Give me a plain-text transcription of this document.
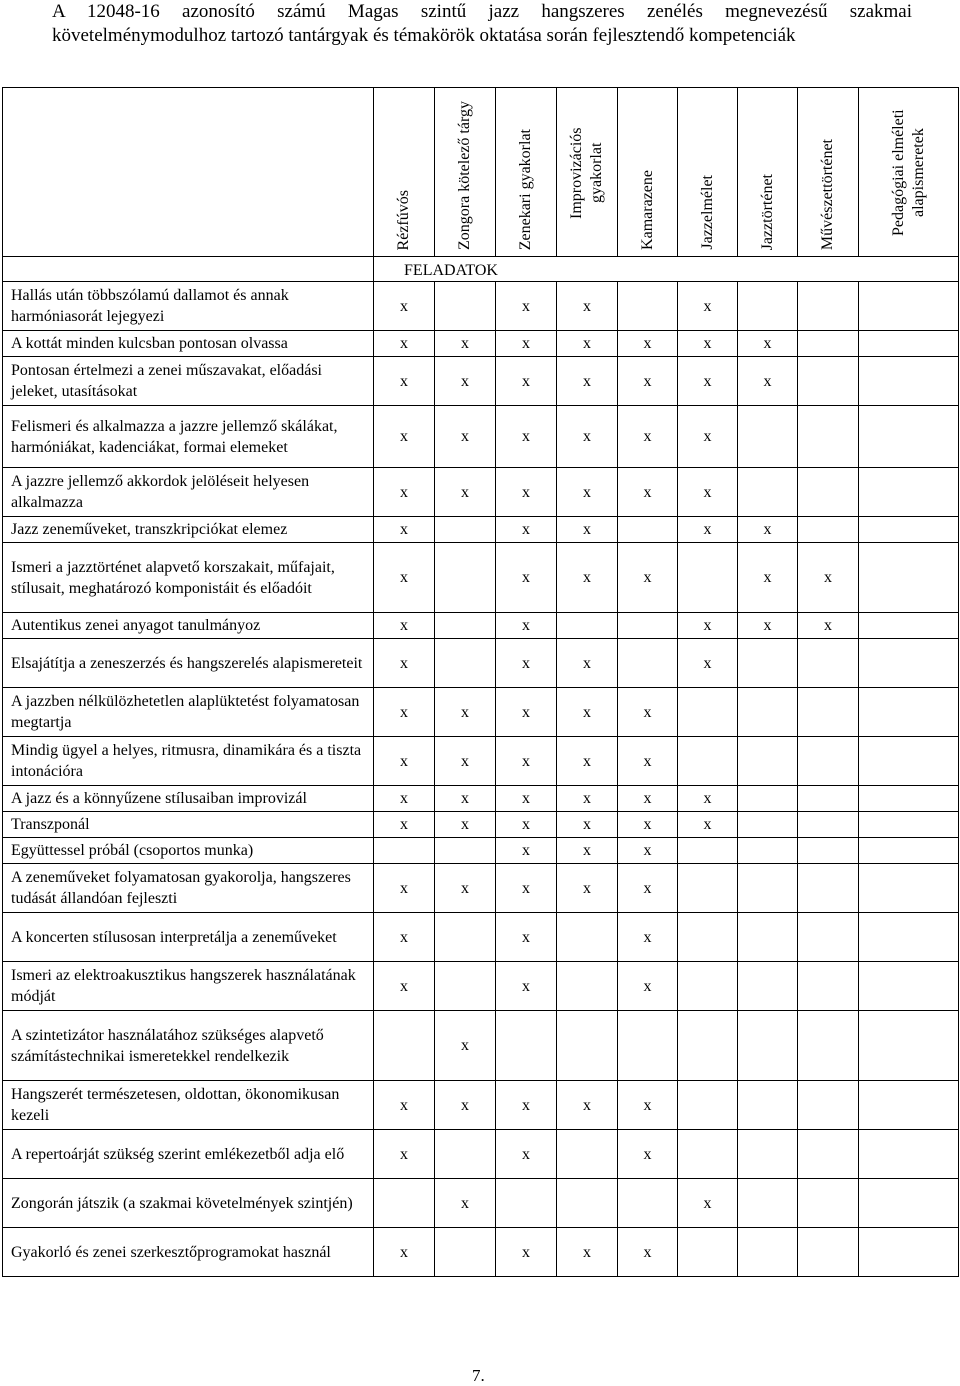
A 12048-16 azonosító számú Magas szintű jazz hangszeres zenélés megnevezésű szakmai követelménymodulhoz tartozó tantárgyak és témakörök oktatása során fejlesztendő kompetenciák
	Rézfúvós	Zongora kötelező tárgy	Zenekari gyakorlat	Improvizációs gyakorlat	Kamarazene	Jazzelmélet	Jazztörténet	Művészettörténet	Pedagógiai elméleti alapismeretek
	FELADATOK								
Hallás után többszólamú dallamot és annak harmóniasorát lejegyezi	x		x	x		x			
A kottát minden kulcsban pontosan olvassa	x	x	x	x	x	x	x		
Pontosan értelmezi a zenei műszavakat, előadási jeleket, utasításokat	x	x	x	x	x	x	x		
Felismeri és alkalmazza a jazzre jellemző skálákat, harmóniákat, kadenciákat, formai elemeket	x	x	x	x	x	x			
A jazzre jellemző akkordok jelöléseit helyesen alkalmazza	x	x	x	x	x	x			
Jazz zeneműveket, transzkripciókat elemez	x		x	x		x	x		
Ismeri a jazztörténet alapvető korszakait, műfajait, stílusait, meghatározó komponistáit és előadóit	x		x	x	x		x	x	
Autentikus zenei anyagot tanulmányoz	x		x			x	x	x	
Elsajátítja a zeneszerzés és hangszerelés alapismereteit	x		x	x		x			
A jazzben nélkülözhetetlen alaplüktetést folyamatosan megtartja	x	x	x	x	x				
Mindig ügyel a helyes, ritmusra, dinamikára és a tiszta intonációra	x	x	x	x	x				
A jazz és a könnyűzene stílusaiban improvizál	x	x	x	x	x	x			
Transzponál	x	x	x	x	x	x			
Együttessel próbál (csoportos munka)			x	x	x				
A zeneműveket folyamatosan gyakorolja, hangszeres tudását állandóan fejleszti	x	x	x	x	x				
A koncerten stílusosan interpretálja a zeneműveket	x		x		x				
Ismeri az elektroakusztikus hangszerek használatának módját	x		x		x				
A szintetizátor használatához szükséges alapvető számítástechnikai ismeretekkel rendelkezik		x							
Hangszerét természetesen, oldottan, ökonomikusan kezeli	x	x	x	x	x				
A repertoárját szükség szerint emlékezetből adja elő	x		x		x				
Zongorán játszik (a szakmai követelmények szintjén)		x				x			
Gyakorló és zenei szerkesztőprogramokat használ	x		x	x	x				
7.
